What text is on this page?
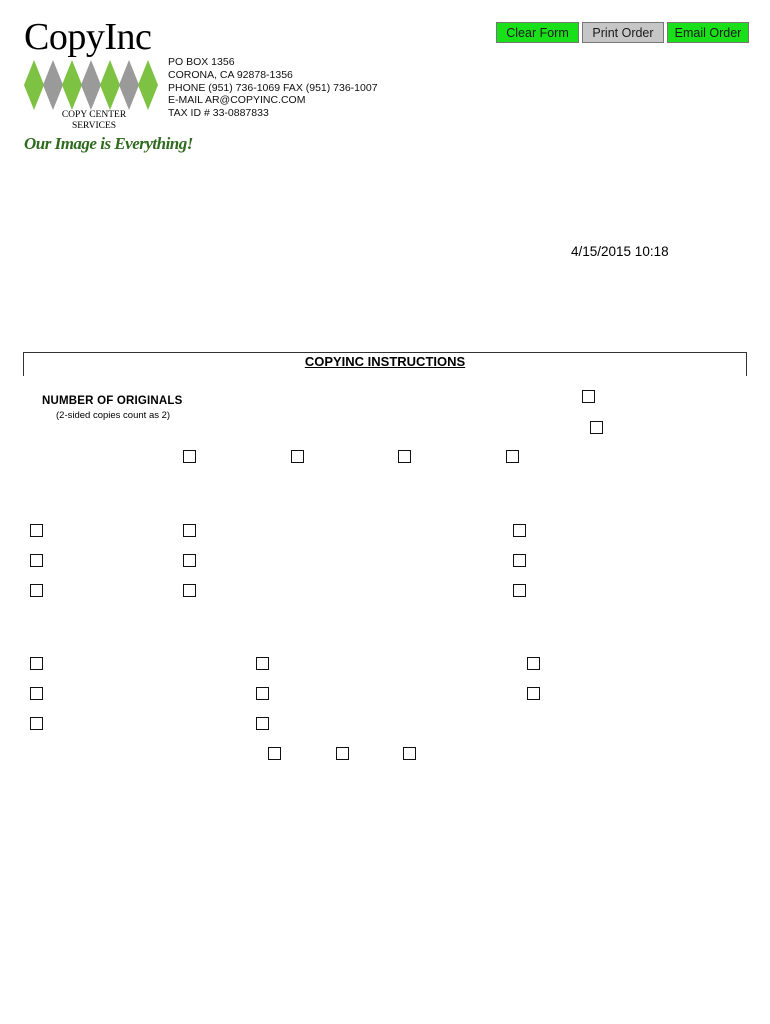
CopyInc
COPY CENTER
SERVICES
Our Image is Everything!
PO BOX 1356
CORONA, CA 92878-1356
PHONE (951) 736-1069 FAX (951) 736-1007
E-MAIL AR@COPYINC.COM
TAX ID # 33-0887833
Clear Form	Print Order	Email Order
4/15/2015 10:18
COPYINC INSTRUCTIONS
NUMBER OF ORIGINALS
(2-sided copies count as 2)
